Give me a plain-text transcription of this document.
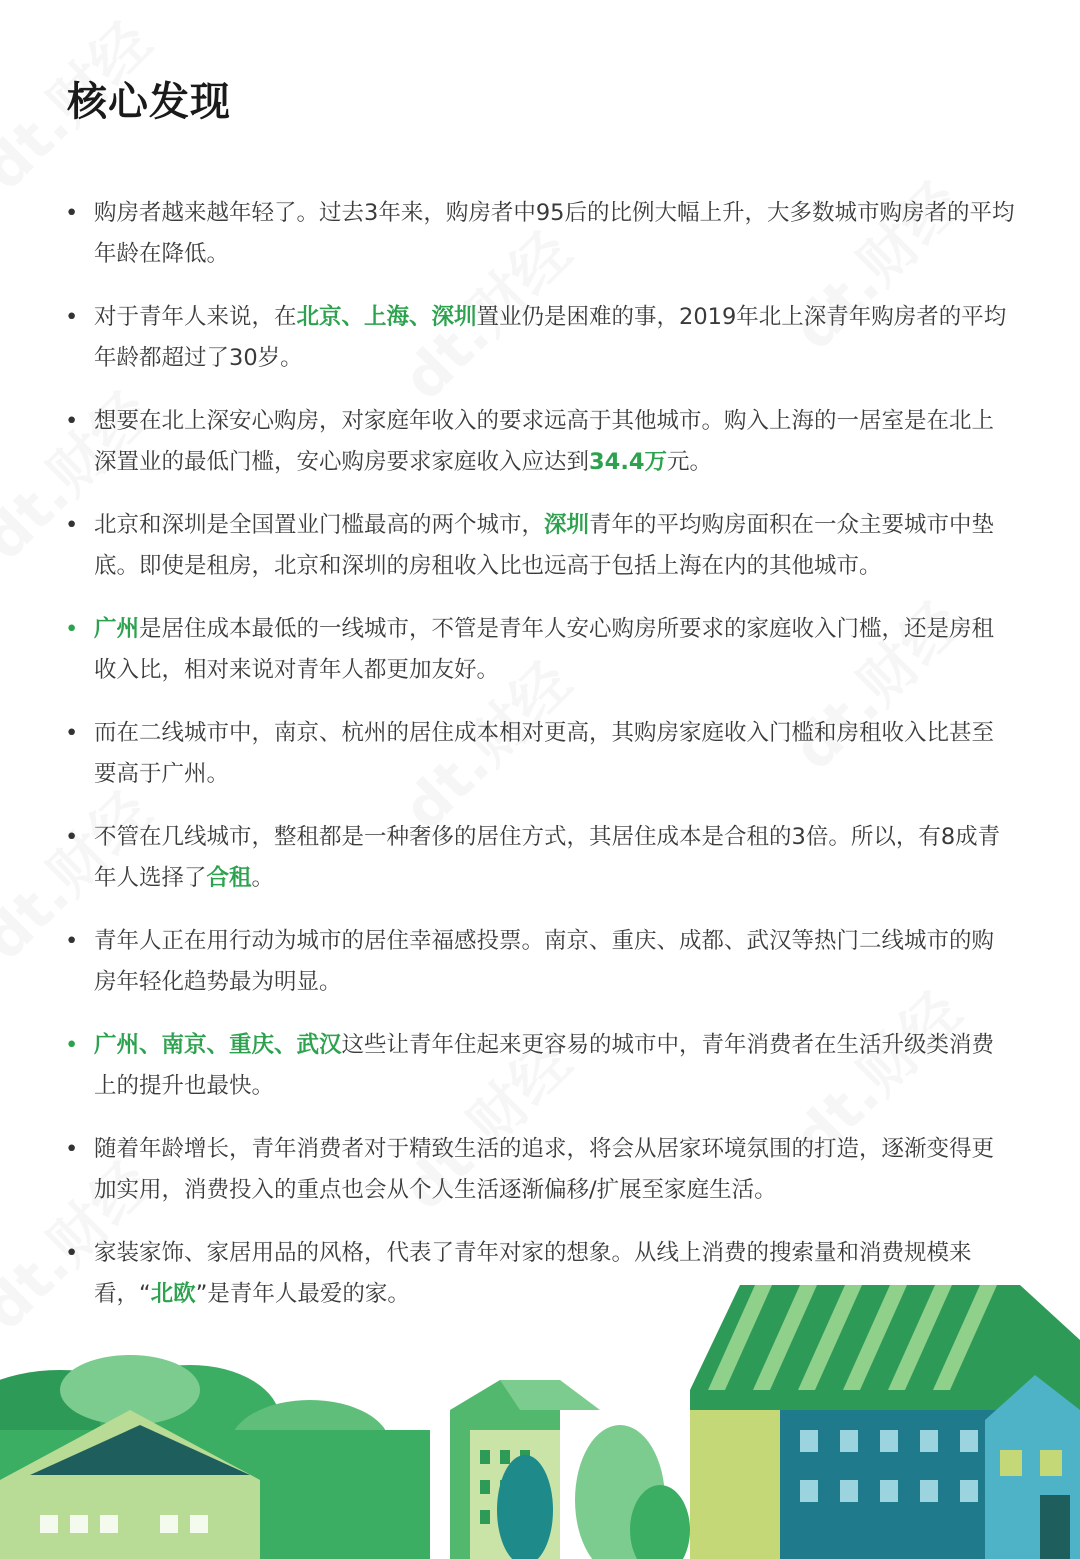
核心发现
• 购房者越来越年轻了。过去3年来，购房者中95后的比例大幅上升，大多数城市购房者的平均年龄在降低。
• 对于青年人来说，在北京、上海、深圳置业仍是困难的事，2019年北上深青年购房者的平均年龄都超过了30岁。
• 想要在北上深安心购房，对家庭年收入的要求远高于其他城市。购入上海的一居室是在北上深置业的最低门槛，安心购房要求家庭收入应达到34.4万元。
• 北京和深圳是全国置业门槛最高的两个城市，深圳青年的平均购房面积在一众主要城市中垫底。即使是租房，北京和深圳的房租收入比也远高于包括上海在内的其他城市。
• 广州是居住成本最低的一线城市，不管是青年人安心购房所要求的家庭收入门槛，还是房租收入比，相对来说对青年人都更加友好。
• 而在二线城市中，南京、杭州的居住成本相对更高，其购房家庭收入门槛和房租收入比甚至要高于广州。
• 不管在几线城市，整租都是一种奢侈的居住方式，其居住成本是合租的3倍。所以，有8成青年人选择了合租。
• 青年人正在用行动为城市的居住幸福感投票。南京、重庆、成都、武汉等热门二线城市的购房年轻化趋势最为明显。
• 广州、南京、重庆、武汉这些让青年住起来更容易的城市中，青年消费者在生活升级类消费上的提升也最快。
• 随着年龄增长，青年消费者对于精致生活的追求，将会从居家环境氛围的打造，逐渐变得更加实用，消费投入的重点也会从个人生活逐渐偏移/扩展至家庭生活。
• 家装家饰、家居用品的风格，代表了青年对家的想象。从线上消费的搜索量和消费规模来看，“北欧”是青年人最爱的家。
